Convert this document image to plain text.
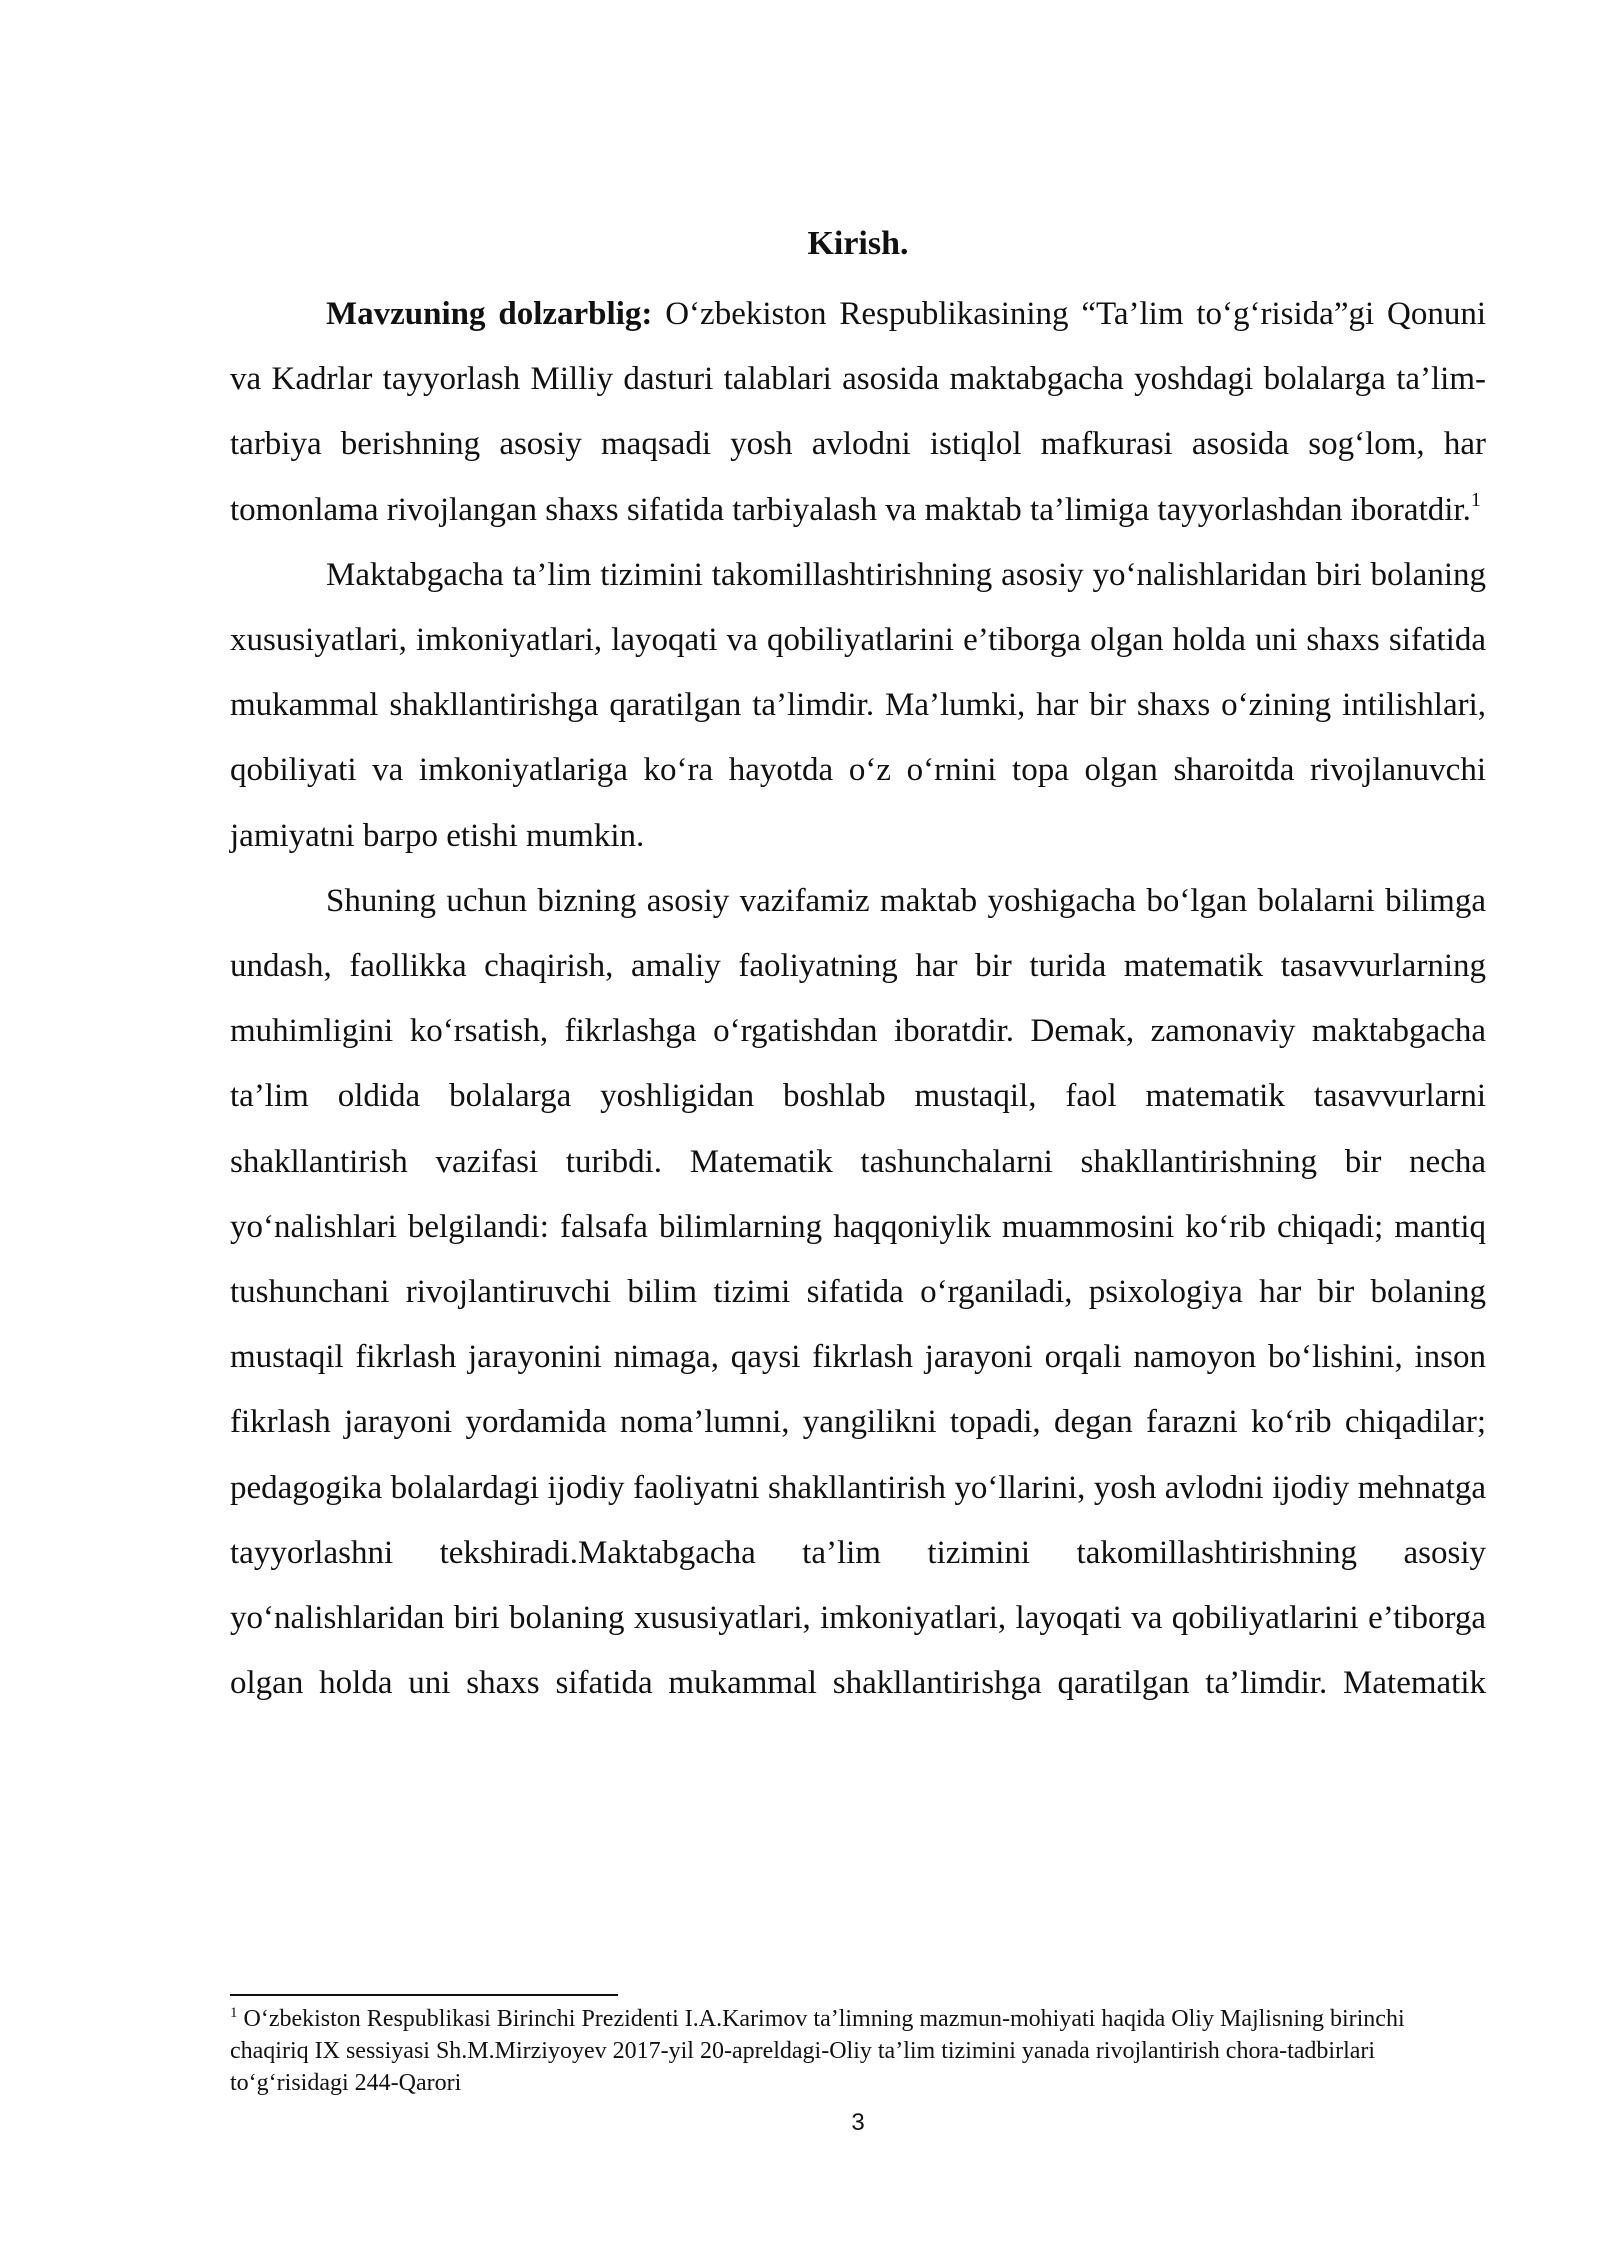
Kirish.

Mavzuning dolzarblig: O‘zbekiston Respublikasining “Ta’lim to‘g‘risida”gi Qonuni va Kadrlar tayyorlash Milliy dasturi talablari asosida maktabgacha yoshdagi bolalarga ta’lim-tarbiya berishning asosiy maqsadi yosh avlodni istiqlol mafkurasi asosida sog‘lom, har tomonlama rivojlangan shaxs sifatida tarbiyalash va maktab ta’limiga tayyorlashdan iboratdir.$^1$

Maktabgacha ta’lim tizimini takomillashtirishning asosiy yo‘nalishlaridan biri bolaning xususiyatlari, imkoniyatlari, layoqati va qobiliyatlarini e’tiborga olgan holda uni shaxs sifatida mukammal shakllantirishga qaratilgan ta’limdir. Ma’lumki, har bir shaxs o‘zining intilishlari, qobiliyati va imkoniyatlariga ko‘ra hayotda o‘z o‘rnini topa olgan sharoitda rivojlanuvchi jamiyatni barpo etishi mumkin.

Shuning uchun bizning asosiy vazifamiz maktab yoshigacha bo‘lgan bolalarni bilimga undash, faollikka chaqirish, amaliy faoliyatning har bir turida matematik tasavvurlarning muhimligini ko‘rsatish, fikrlashga o‘rgatishdan iboratdir. Demak, zamonaviy maktabgacha ta’lim oldida bolalarga yoshligidan boshlab mustaqil, faol matematik tasavvurlarni shakllantirish vazifasi turibdi. Matematik tashunchalarni shakllantirishning bir necha yo‘nalishlari belgilandi: falsafa bilimlarning haqqoniylik muammosini ko‘rib chiqadi; mantiq tushunchani rivojlantiruvchi bilim tizimi sifatida o‘rganiladi, psixologiya har bir bolaning mustaqil fikrlash jarayonini nimaga, qaysi fikrlash jarayoni orqali namoyon bo‘lishini, inson fikrlash jarayoni yordamida noma’lumni, yangilikni topadi, degan farazni ko‘rib chiqadilar; pedagogika bolalardagi ijodiy faoliyatni shakllantirish yo‘llarini, yosh avlodni ijodiy mehnatga tayyorlashni tekshiradi.Maktabgacha ta’lim tizimini takomillashtirishning asosiy yo‘nalishlaridan biri bolaning xususiyatlari, imkoniyatlari, layoqati va qobiliyatlarini e’tiborga olgan holda uni shaxs sifatida mukammal shakllantirishga qaratilgan ta’limdir. Matematik

$^1$ O‘zbekiston Respublikasi Birinchi Prezidenti I.A.Karimov ta’limning mazmun-mohiyati haqida Oliy Majlisning birinchi chaqiriq IX sessiyasi Sh.M.Mirziyoyev 2017-yil 20-apreldagi-Oliy ta’lim tizimini yanada rivojlantirish chora-tadbirlari to‘g‘risidagi 244-Qarori
3
